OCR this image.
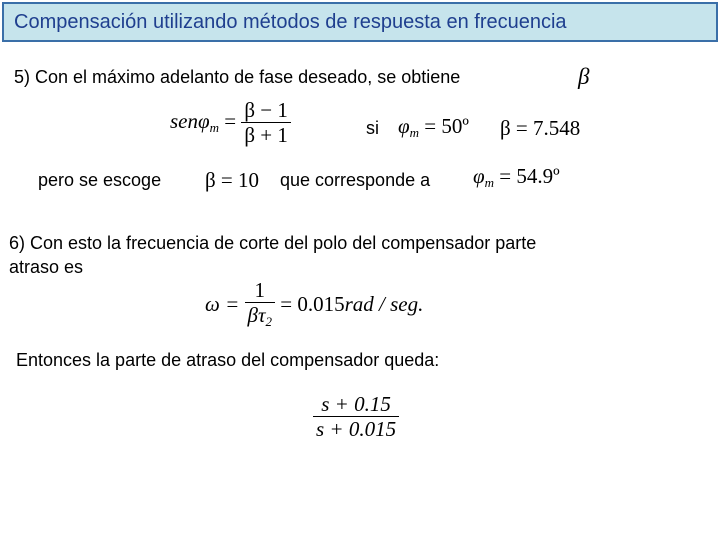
Compensación utilizando métodos de respuesta en frecuencia
5) Con el máximo adelanto de fase deseado, se obtiene	β
$sen\varphi_m = \frac{\beta - 1}{\beta + 1}$	si $\varphi_m$ = 50º β = 7.548
pero se escoge β = 10 que corresponde a $\varphi_m$ = 54.9º
6) Con esto la frecuencia de corte del polo del compensador parte
atraso es
$\omega = \frac{1}{\beta\tau_2} = 0.015rad$ / seg.
Entonces la parte de atraso del compensador queda:
$\frac{s + 0.15}{s + 0.015}$
